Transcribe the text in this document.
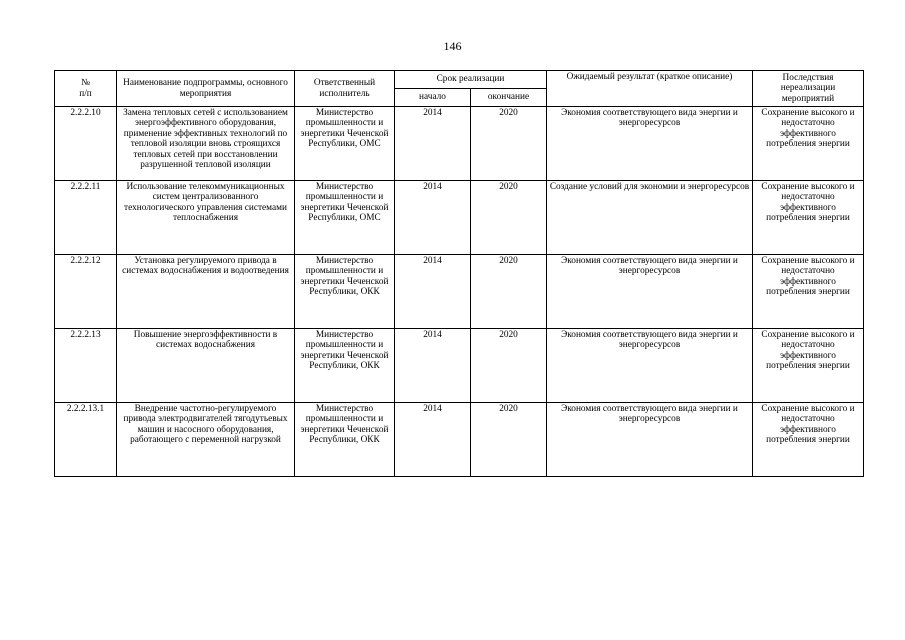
146
№
п/п	Наименование подпрограммы, основного мероприятия	Ответственный исполнитель	Срок реализации		Ожидаемый результат (краткое описание)	Последствия нереализации мероприятий
			начало	окончание		
2.2.2.10	Замена тепловых сетей с использованием энергоэффективного оборудования, применение эффективных технологий по тепловой изоляции вновь строящихся тепловых сетей при восстановлении разрушенной тепловой изоляции	Министерство промышленности и энергетики Чеченской Республики, ОМС	2014	2020	Экономия соответствующего вида энергии и энергоресурсов	Сохранение высокого и недостаточно эффективного потребления энергии
2.2.2.11	Использование телекоммуникационных систем централизованного технологического управления системами теплоснабжения	Министерство промышленности и энергетики Чеченской Республики, ОМС	2014	2020	Создание условий для экономии и энергоресурсов	Сохранение высокого и недостаточно эффективного потребления энергии
2.2.2.12	Установка регулируемого привода в системах водоснабжения и водоотведения	Министерство промышленности и энергетики Чеченской Республики, ОКК	2014	2020	Экономия соответствующего вида энергии и энергоресурсов	Сохранение высокого и недостаточно эффективного потребления энергии
2.2.2.13	Повышение энергоэффективности в системах водоснабжения	Министерство промышленности и энергетики Чеченской Республики, ОКК	2014	2020	Экономия соответствующего вида энергии и энергоресурсов	Сохранение высокого и недостаточно эффективного потребления энергии
2.2.2.13.1	Внедрение частотно-регулируемого привода электродвигателей тягодутьевых машин и насосного оборудования, работающего с переменной нагрузкой	Министерство промышленности и энергетики Чеченской Республики, ОКК	2014	2020	Экономия соответствующего вида энергии и энергоресурсов	Сохранение высокого и недостаточно эффективного потребления энергии
